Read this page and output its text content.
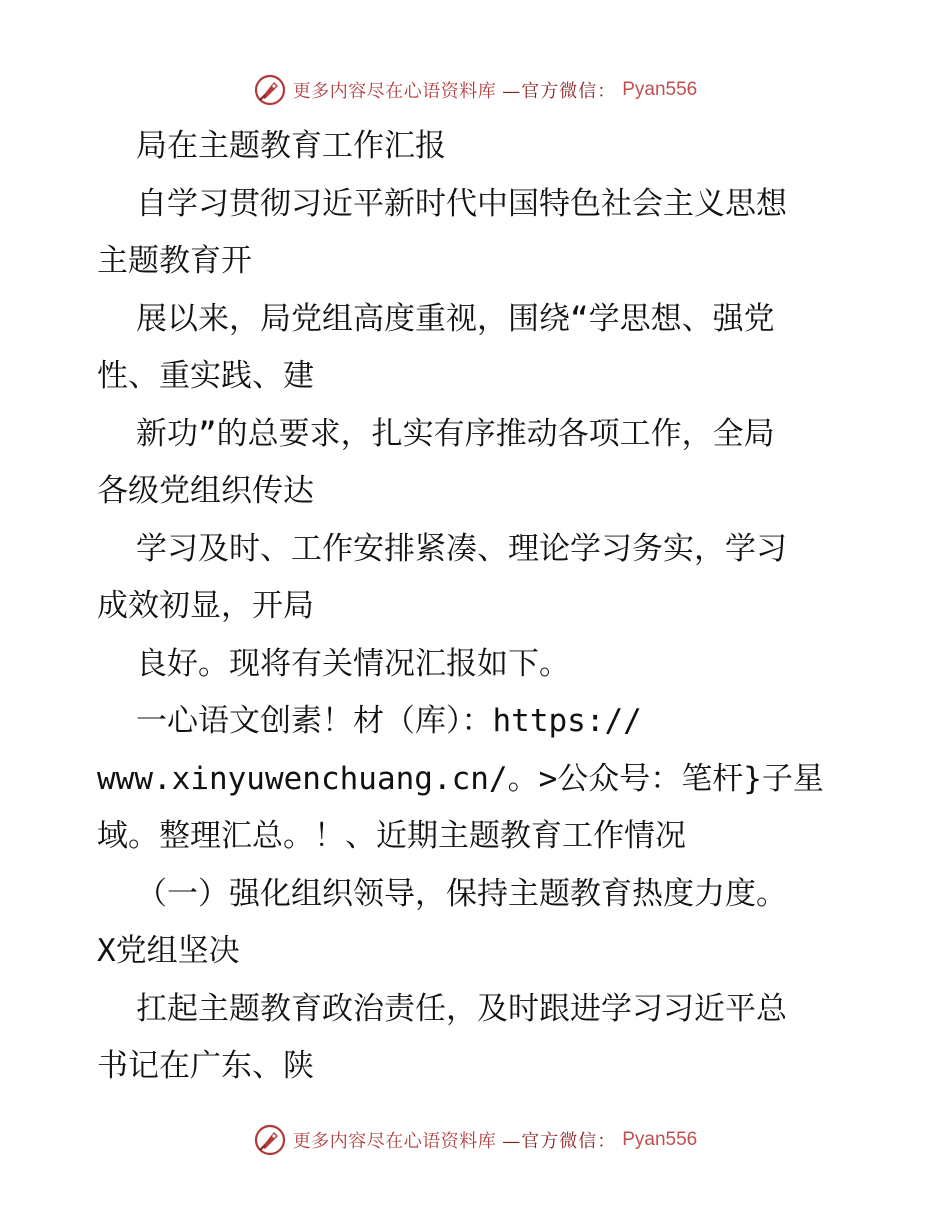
更多内容尽在心语资料库 —官方微信： Pyan556
局在主题教育工作汇报
自学习贯彻习近平新时代中国特色社会主义思想
主题教育开
展以来，局党组高度重视，围绕“学思想、强党
性、重实践、建
新功”的总要求，扎实有序推动各项工作，全局
各级党组织传达
学习及时、工作安排紧凑、理论学习务实，学习
成效初显，开局
良好。现将有关情况汇报如下。
一心语文创素！材（库）：https://
www.xinyuwenchuang.cn/。>公众号：笔杆}子星
域。整理汇总。！、近期主题教育工作情况
（一）强化组织领导，保持主题教育热度力度。
X党组坚决
扛起主题教育政治责任，及时跟进学习习近平总
书记在广东、陕
更多内容尽在心语资料库 —官方微信： Pyan556
